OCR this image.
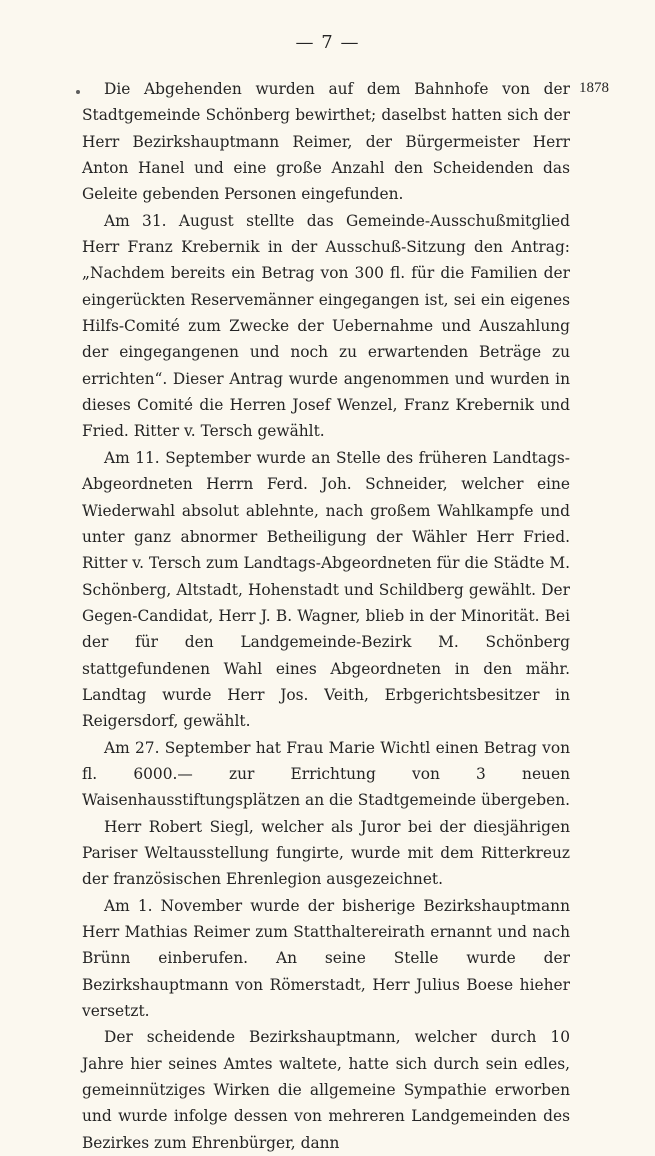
— 7 —
1878

Die Abgehenden wurden auf dem Bahnhofe von der Stadtgemeinde Schönberg bewirthet; daselbst hatten sich der Herr Bezirkshauptmann Reimer, der Bürgermeister Herr Anton Hanel und eine große Anzahl den Scheidenden das Geleite gebenden Personen eingefunden.

Am 31. August stellte das Gemeinde-Ausschußmitglied Herr Franz Krebernik in der Ausschuß-Sitzung den Antrag: „Nachdem bereits ein Betrag von 300 fl. für die Familien der eingerückten Reservemänner eingegangen ist, sei ein eigenes Hilfs-Comité zum Zwecke der Uebernahme und Auszahlung der eingegangenen und noch zu erwartenden Beträge zu errichten“. Dieser Antrag wurde angenommen und wurden in dieses Comité die Herren Josef Wenzel, Franz Krebernik und Fried. Ritter v. Tersch gewählt.

Am 11. September wurde an Stelle des früheren Landtags-Abgeordneten Herrn Ferd. Joh. Schneider, welcher eine Wiederwahl absolut ablehnte, nach großem Wahlkampfe und unter ganz abnormer Betheiligung der Wähler Herr Fried. Ritter v. Tersch zum Landtags-Abgeordneten für die Städte M. Schönberg, Altstadt, Hohenstadt und Schildberg gewählt. Der Gegen-Candidat, Herr J. B. Wagner, blieb in der Minorität. Bei der für den Landgemeinde-Bezirk M. Schönberg stattgefundenen Wahl eines Abgeordneten in den mähr. Landtag wurde Herr Jos. Veith, Erbgerichtsbesitzer in Reigersdorf, gewählt.

Am 27. September hat Frau Marie Wichtl einen Betrag von fl. 6000.— zur Errichtung von 3 neuen Waisenhausstiftungsplätzen an die Stadtgemeinde übergeben.

Herr Robert Siegl, welcher als Juror bei der diesjährigen Pariser Weltausstellung fungirte, wurde mit dem Ritterkreuz der französischen Ehrenlegion ausgezeichnet.

Am 1. November wurde der bisherige Bezirkshauptmann Herr Mathias Reimer zum Statthaltereirath ernannt und nach Brünn einberufen. An seine Stelle wurde der Bezirkshauptmann von Römerstadt, Herr Julius Boese hieher versetzt.

Der scheidende Bezirkshauptmann, welcher durch 10 Jahre hier seines Amtes waltete, hatte sich durch sein edles, gemeinnütziges Wirken die allgemeine Sympathie erworben und wurde infolge dessen von mehreren Landgemeinden des Bezirkes zum Ehrenbürger, dann
